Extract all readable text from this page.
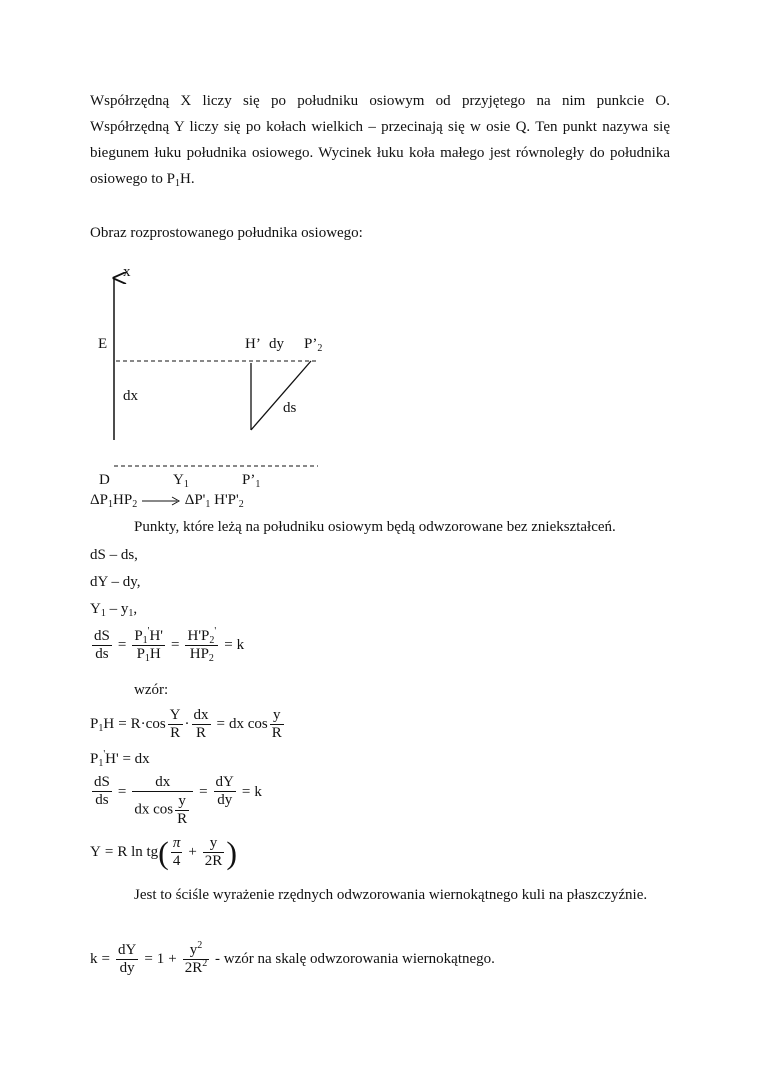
Współrzędną X liczy się po południku osiowym od przyjętego na nim punkcie O.
Współrzędną Y liczy się po kołach wielkich – przecinają się w osie Q. Ten punkt nazywa się
biegunem łuku południka osiowego. Wycinek łuku koła małego jest równoległy do południka
osiowego to $P_1H$.
Obraz rozprostowanego południka osiowego:
x
E	H’ dy $P’_2$
dx
ds
D	$Y_1$	$P’_1$
$\Delta P_1HP_2$	$\Delta P'_1$ $H'P'_2$
Punkty, które leżą na południku osiowym będą odwzorowane bez zniekształceń.
dS – ds,
dY – dy,
$Y_1 - y_1$,
$\frac{dS}{ds} = \frac{P_1'H'}{P_1H} = \frac{H'P_2'}{HP_2} = k$
wzór:
$P_1H = R\cdot\cos \frac{Y}{R} \cdot \frac{dx}{R}$ = dx $\cos \frac{y}{R}$
$P_1'H'$ = dx
$\frac{dS}{ds} = \frac{dx}{dx \cos \frac{y}{R}} = \frac{dY}{dy} = k$
Y = R $\ln tg( \frac{\pi}{4} + \frac{y}{2R}$ )
Jest to ściśle wyrażenie rzędnych odwzorowania wiernokątnego kuli na płaszczyźnie.
$k = \frac{dY}{dy} = 1 + \frac{y^2}{2R^2}$ - wzór na skalę odwzorowania wiernokątnego.
